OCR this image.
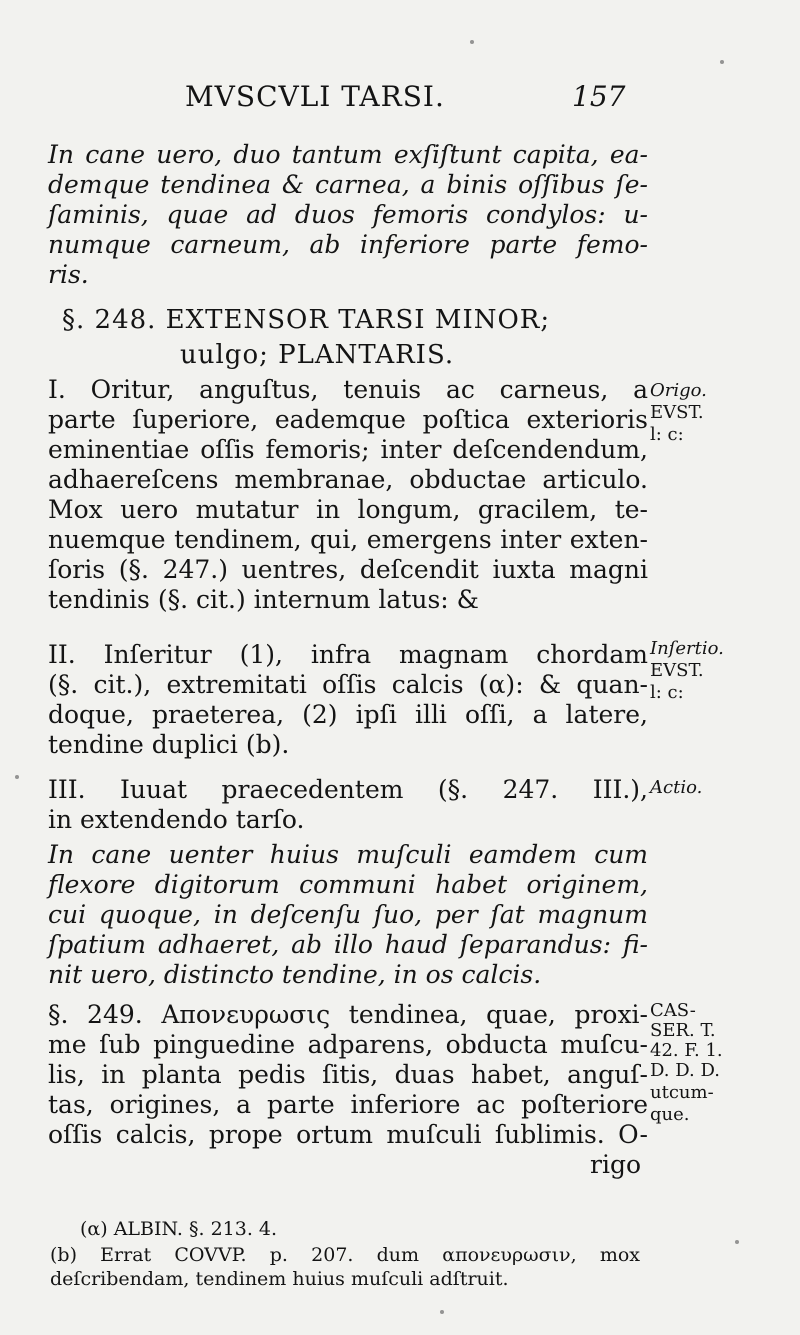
MVSCVLI TARSI.	157
In cane uero, duo tantum exſiſtunt capita, ea-
demque tendinea & carnea, a binis oſſibus ſe-
ſaminis, quae ad duos femoris condylos: u-
numque carneum, ab inferiore parte femo-
ris.
§. 248. EXTENSOR TARSI MINOR;
uulgo; PLANTARIS.
I. Oritur, anguſtus, tenuis ac carneus, a
parte ſuperiore, eademque poſtica exterioris
eminentiae oſſis femoris; inter deſcendendum,
adhaereſcens membranae, obductae articulo.
Mox uero mutatur in longum, gracilem, te-
nuemque tendinem, qui, emergens inter exten-
ſoris (§. 247.) uentres, deſcendit iuxta magni
tendinis (§. cit.) internum latus: &
II. Inſeritur (1), infra magnam chordam
(§. cit.), extremitati oſſis calcis (α): & quan-
doque, praeterea, (2) ipſi illi oſſi, a latere,
tendine duplici (b).
III. Iuuat praecedentem (§. 247. III.),
in extendendo tarſo.
In cane uenter huius muſculi eamdem cum
flexore digitorum communi habet originem,
cui quoque, in deſcenſu ſuo, per ſat magnum
ſpatium adhaeret, ab illo haud ſeparandus: fi-
nit uero, distincto tendine, in os calcis.
§. 249. Απονευρωσις tendinea, quae, proxi-
me ſub pinguedine adparens, obducta muſcu-
lis, in planta pedis ſitis, duas habet, anguſ-
tas, origines, a parte inferiore ac poſteriore
oſſis calcis, prope ortum muſculi ſublimis. O-
rigo
Origo.
EVST.
l: c:
Inſertio.
EVST.
l: c:
Actio.
CAS-
SER. T.
42. F. 1.
D. D. D.
utcum-
que.
(α) ALBIN. §. 213. 4.
(b) Errat COVVP. p. 207. dum απονευρωσιν, mox
deſcribendam, tendinem huius muſculi adſtruit.
